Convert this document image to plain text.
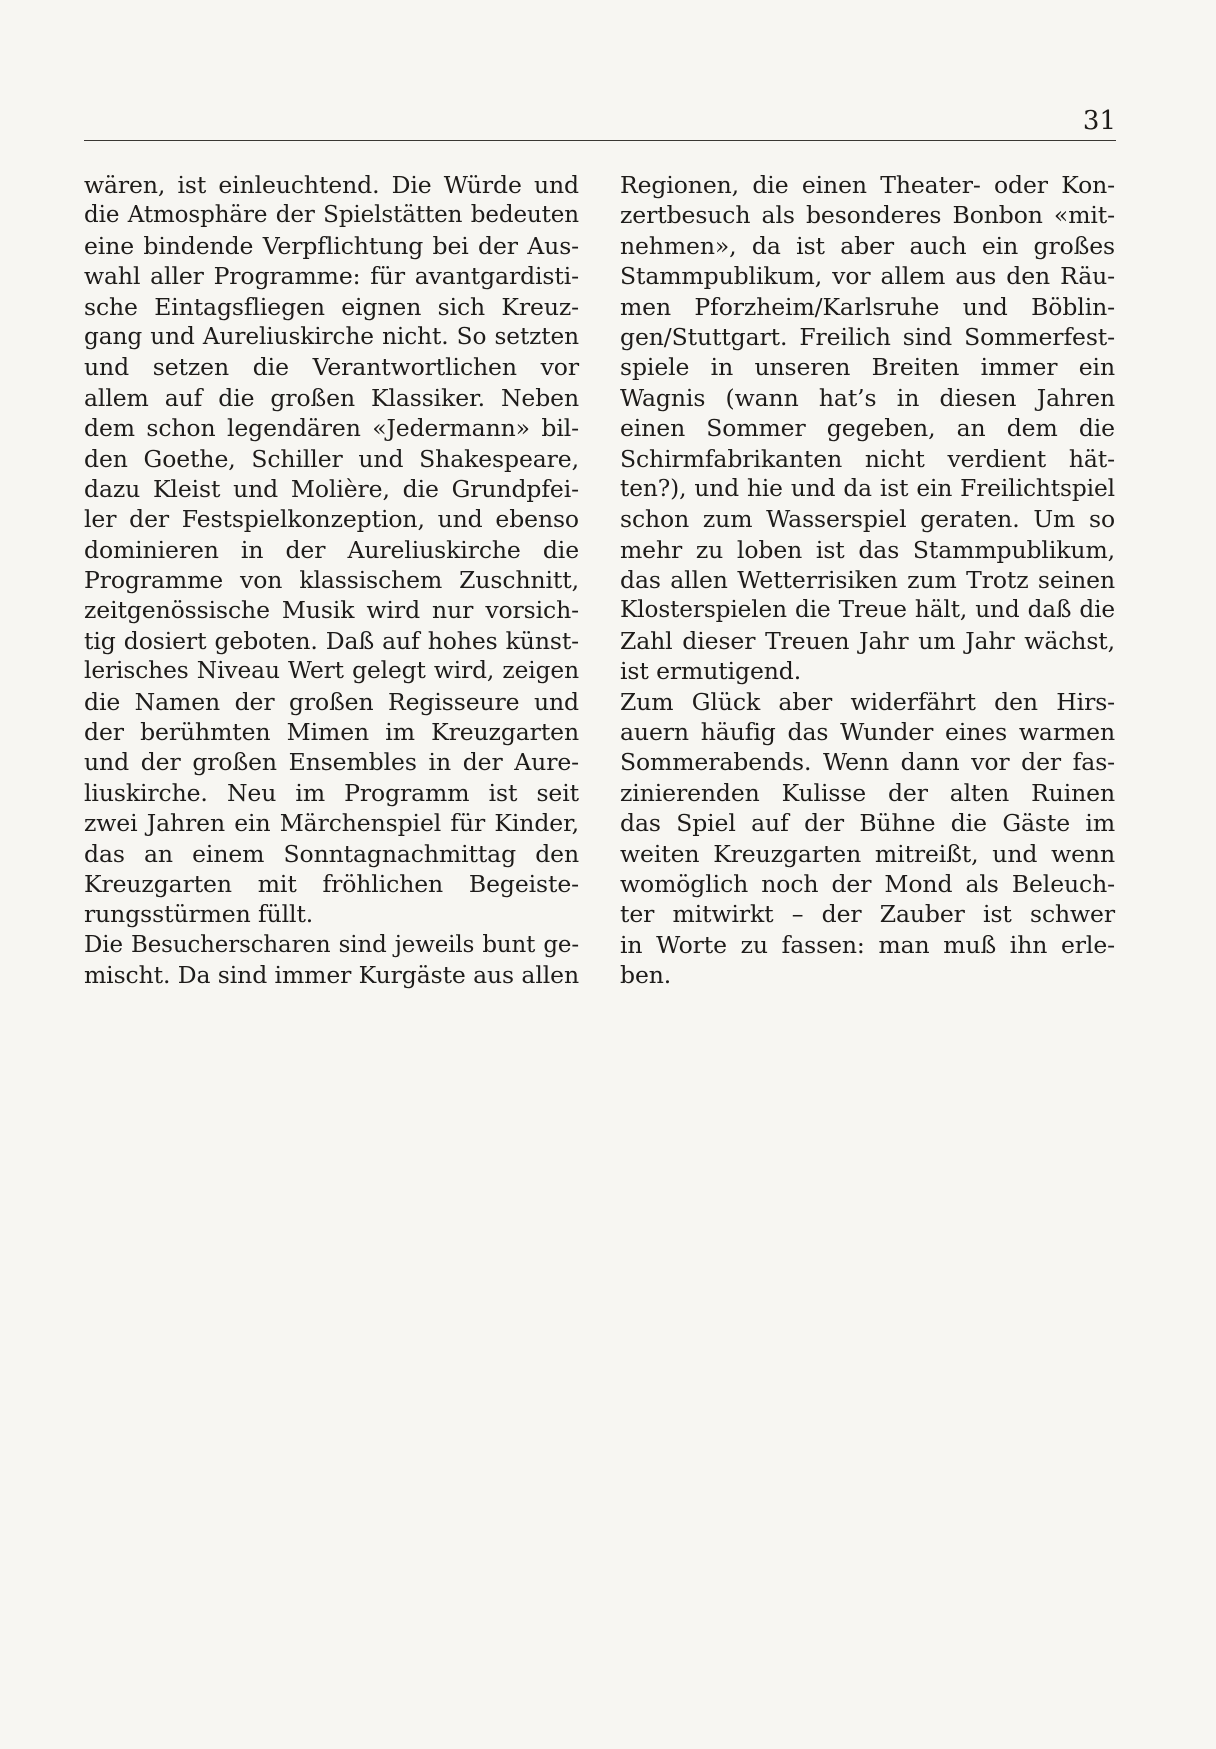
31
wären, ist einleuchtend. Die Würde und
die Atmosphäre der Spielstätten bedeuten
eine bindende Verpflichtung bei der Aus-
wahl aller Programme: für avantgardisti-
sche Eintagsfliegen eignen sich Kreuz-
gang und Aureliuskirche nicht. So setzten
und setzen die Verantwortlichen vor
allem auf die großen Klassiker. Neben
dem schon legendären «Jedermann» bil-
den Goethe, Schiller und Shakespeare,
dazu Kleist und Molière, die Grundpfei-
ler der Festspielkonzeption, und ebenso
dominieren in der Aureliuskirche die
Programme von klassischem Zuschnitt,
zeitgenössische Musik wird nur vorsich-
tig dosiert geboten. Daß auf hohes künst-
lerisches Niveau Wert gelegt wird, zeigen
die Namen der großen Regisseure und
der berühmten Mimen im Kreuzgarten
und der großen Ensembles in der Aure-
liuskirche. Neu im Programm ist seit
zwei Jahren ein Märchenspiel für Kinder,
das an einem Sonntagnachmittag den
Kreuzgarten mit fröhlichen Begeiste-
rungsstürmen füllt.
Die Besucherscharen sind jeweils bunt ge-
mischt. Da sind immer Kurgäste aus allen
Regionen, die einen Theater- oder Kon-
zertbesuch als besonderes Bonbon «mit-
nehmen», da ist aber auch ein großes
Stammpublikum, vor allem aus den Räu-
men Pforzheim/Karlsruhe und Böblin-
gen/Stuttgart. Freilich sind Sommerfest-
spiele in unseren Breiten immer ein
Wagnis (wann hat’s in diesen Jahren
einen Sommer gegeben, an dem die
Schirmfabrikanten nicht verdient hät-
ten?), und hie und da ist ein Freilichtspiel
schon zum Wasserspiel geraten. Um so
mehr zu loben ist das Stammpublikum,
das allen Wetterrisiken zum Trotz seinen
Klosterspielen die Treue hält, und daß die
Zahl dieser Treuen Jahr um Jahr wächst,
ist ermutigend.
Zum Glück aber widerfährt den Hirs-
auern häufig das Wunder eines warmen
Sommerabends. Wenn dann vor der fas-
zinierenden Kulisse der alten Ruinen
das Spiel auf der Bühne die Gäste im
weiten Kreuzgarten mitreißt, und wenn
womöglich noch der Mond als Beleuch-
ter mitwirkt – der Zauber ist schwer
in Worte zu fassen: man muß ihn erle-
ben.
